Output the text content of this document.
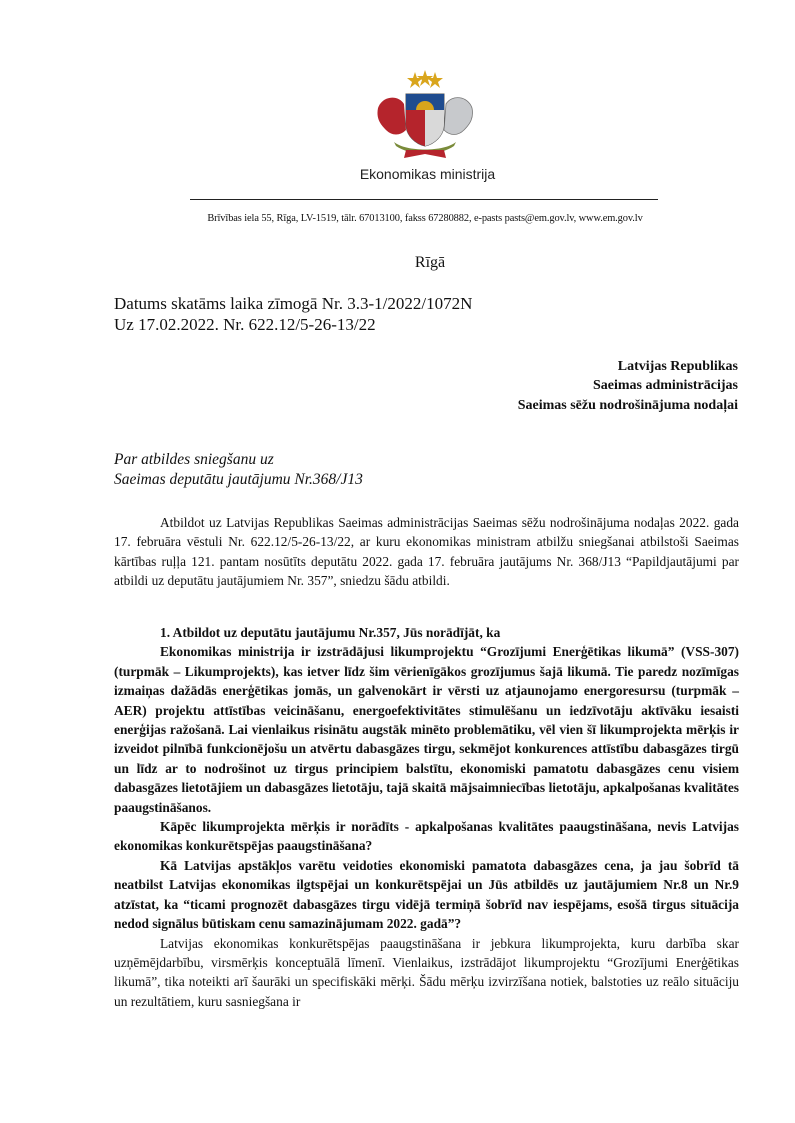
Ekonomikas ministrija
Brīvības iela 55, Rīga, LV-1519, tālr. 67013100, fakss 67280882, e-pasts pasts@em.gov.lv, www.em.gov.lv
Rīgā
Datums skatāms laika zīmogā Nr. 3.3-1/2022/1072N
Uz 17.02.2022. Nr. 622.12/5-26-13/22
Latvijas Republikas
Saeimas administrācijas
Saeimas sēžu nodrošinājuma nodaļai
Par atbildes sniegšanu uz
Saeimas deputātu jautājumu Nr.368/J13

Atbildot uz Latvijas Republikas Saeimas administrācijas Saeimas sēžu nodrošinājuma nodaļas 2022. gada 17. februāra vēstuli Nr. 622.12/5-26-13/22, ar kuru ekonomikas ministram atbilžu sniegšanai atbilstoši Saeimas kārtības ruļļa 121. pantam nosūtīts deputātu 2022. gada 17. februāra jautājums Nr. 368/J13 “Papildjautājumi par atbildi uz deputātu jautājumiem Nr. 357”, sniedzu šādu atbildi.

1. Atbildot uz deputātu jautājumu Nr.357, Jūs norādījāt, ka

Ekonomikas ministrija ir izstrādājusi likumprojektu “Grozījumi Enerģētikas likumā” (VSS-307) (turpmāk – Likumprojekts), kas ietver līdz šim vērienīgākos grozījumus šajā likumā. Tie paredz nozīmīgas izmaiņas dažādās enerģētikas jomās, un galvenokārt ir vērsti uz atjaunojamo energoresursu (turpmāk – AER) projektu attīstības veicināšanu, energoefektivitātes stimulēšanu un iedzīvotāju aktīvāku iesaisti enerģijas ražošanā. Lai vienlaikus risinātu augstāk minēto problemātiku, vēl vien šī likumprojekta mērķis ir izveidot pilnībā funkcionējošu un atvērtu dabasgāzes tirgu, sekmējot konkurences attīstību dabasgāzes tirgū un līdz ar to nodrošinot uz tirgus principiem balstītu, ekonomiski pamatotu dabasgāzes cenu visiem dabasgāzes lietotājiem un dabasgāzes lietotāju, tajā skaitā mājsaimniecības lietotāju, apkalpošanas kvalitātes paaugstināšanos.

Kāpēc likumprojekta mērķis ir norādīts - apkalpošanas kvalitātes paaugstināšana, nevis Latvijas ekonomikas konkurētspējas paaugstināšana?

Kā Latvijas apstākļos varētu veidoties ekonomiski pamatota dabasgāzes cena, ja jau šobrīd tā neatbilst Latvijas ekonomikas ilgtspējai un konkurētspējai un Jūs atbildēs uz jautājumiem Nr.8 un Nr.9 atzīstat, ka “ticami prognozēt dabasgāzes tirgu vidējā termiņā šobrīd nav iespējams, esošā tirgus situācija nedod signālus būtiskam cenu samazinājumam 2022. gadā”?

Latvijas ekonomikas konkurētspējas paaugstināšana ir jebkura likumprojekta, kuru darbība skar uzņēmējdarbību, virsmērķis konceptuālā līmenī. Vienlaikus, izstrādājot likumprojektu “Grozījumi Enerģētikas likumā”, tika noteikti arī šaurāki un specifiskāki mērķi. Šādu mērķu izvirzīšana notiek, balstoties uz reālo situāciju un rezultātiem, kuru sasniegšana ir
